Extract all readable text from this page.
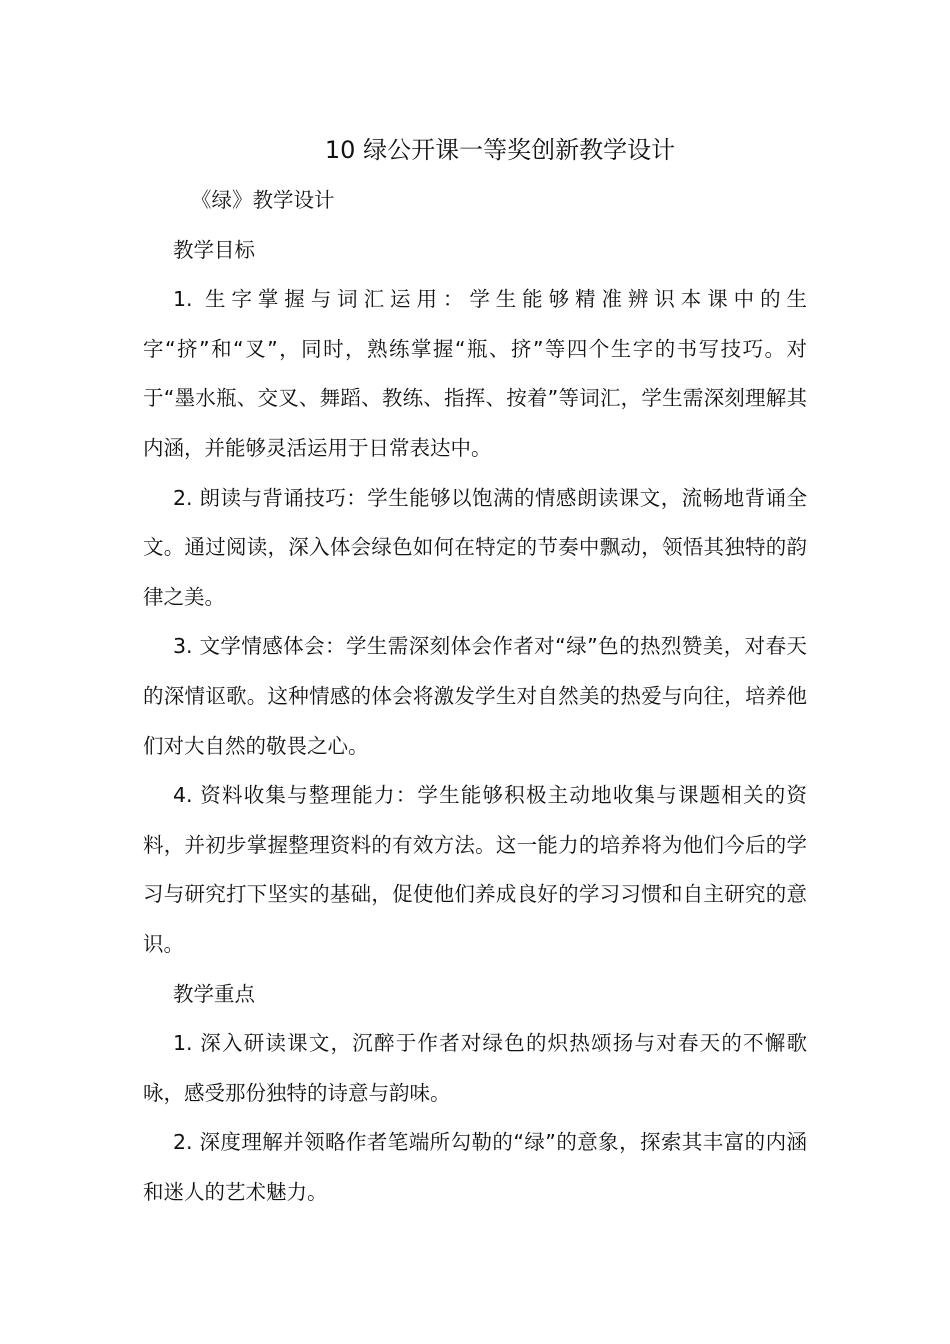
10 绿公开课一等奖创新教学设计

《绿》教学设计

教学目标

1. 生字掌握与词汇运用：学生能够精准辨识本课中的生字“挤”和“叉”，同时，熟练掌握“瓶、挤”等四个生字的书写技巧。对于“墨水瓶、交叉、舞蹈、教练、指挥、按着”等词汇，学生需深刻理解其内涵，并能够灵活运用于日常表达中。

2. 朗读与背诵技巧：学生能够以饱满的情感朗读课文，流畅地背诵全文。通过阅读，深入体会绿色如何在特定的节奏中飘动，领悟其独特的韵律之美。

3. 文学情感体会：学生需深刻体会作者对“绿”色的热烈赞美，对春天的深情讴歌。这种情感的体会将激发学生对自然美的热爱与向往，培养他们对大自然的敬畏之心。

4. 资料收集与整理能力：学生能够积极主动地收集与课题相关的资料，并初步掌握整理资料的有效方法。这一能力的培养将为他们今后的学习与研究打下坚实的基础，促使他们养成良好的学习习惯和自主研究的意识。

教学重点

1. 深入研读课文，沉醉于作者对绿色的炽热颂扬与对春天的不懈歌咏，感受那份独特的诗意与韵味。

2. 深度理解并领略作者笔端所勾勒的“绿”的意象，探索其丰富的内涵和迷人的艺术魅力。
